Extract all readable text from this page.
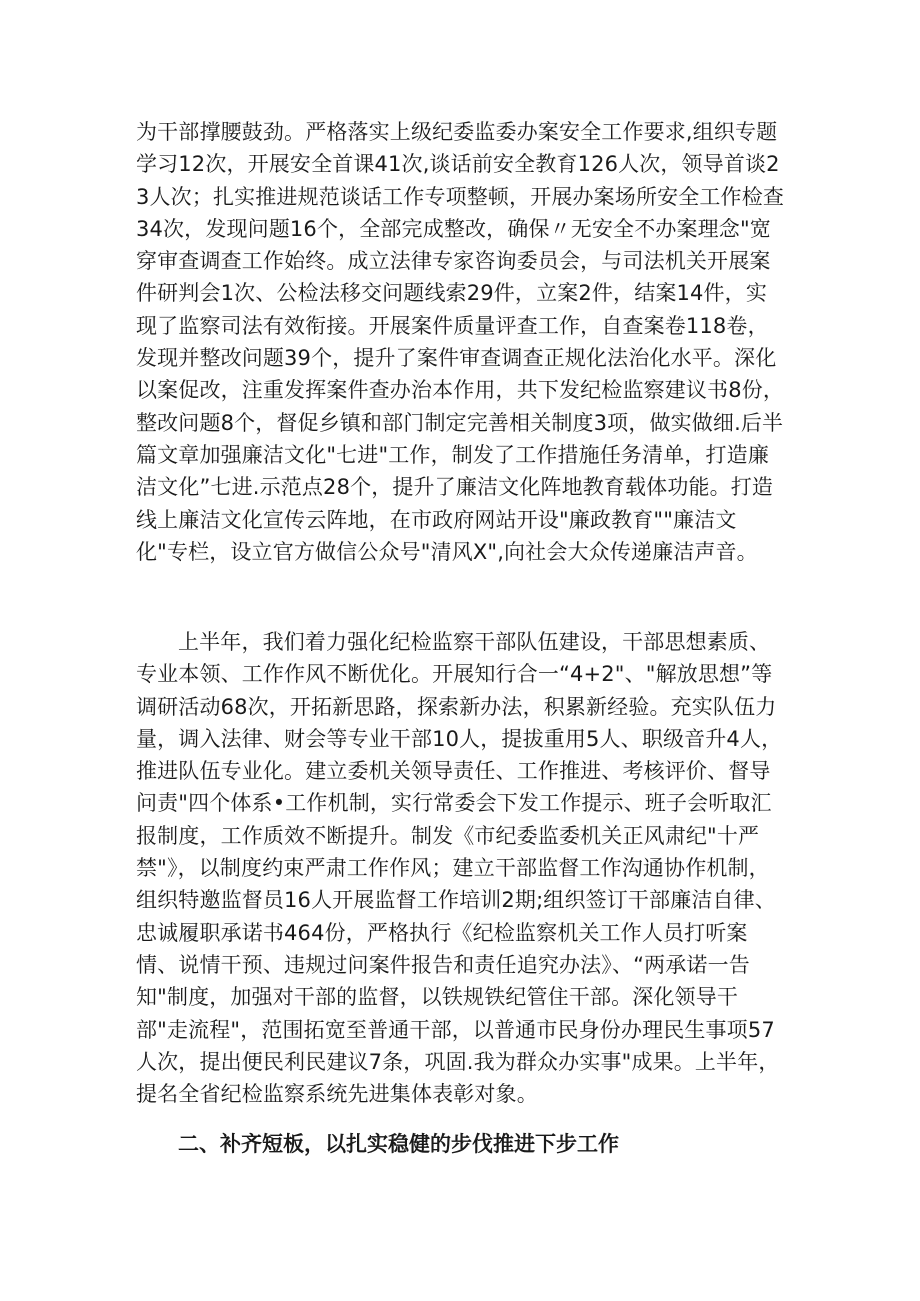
为干部撑腰鼓劲。严格落实上级纪委监委办案安全工作要求,组织专题学习12次，开展安全首课41次,谈话前安全教育126人次，领导首谈23人次；扎实推进规范谈话工作专项整顿，开展办案场所安全工作检查34次，发现问题16个，全部完成整改，确保〃无安全不办案理念"宽穿审查调查工作始终。成立法律专家咨询委员会，与司法机关开展案件研判会1次、公检法移交问题线索29件，立案2件，结案14件，实现了监察司法有效衔接。开展案件质量评查工作，自查案卷118卷，发现并整改问题39个，提升了案件审查调查正规化法治化水平。深化以案促改，注重发挥案件查办治本作用，共下发纪检监察建议书8份，整改问题8个，督促乡镇和部门制定完善相关制度3项，做实做细.后半篇文章加强廉洁文化"七进"工作，制发了工作措施任务清单，打造廉洁文化”七进.示范点28个，提升了廉洁文化阵地教育载体功能。打造线上廉洁文化宣传云阵地，在市政府网站开设"廉政教育""廉洁文化"专栏，设立官方做信公众号"清风X",向社会大众传递廉洁声音。

上半年，我们着力强化纪检监察干部队伍建设，干部思想素质、专业本领、工作作风不断优化。开展知行合一“4+2"、"解放思想”等调研活动68次，开拓新思路，探索新办法，积累新经验。充实队伍力量，调入法律、财会等专业干部10人，提拔重用5人、职级音升4人，推进队伍专业化。建立委机关领导责任、工作推进、考核评价、督导问责"四个体系•工作机制，实行常委会下发工作提示、班子会听取汇报制度，工作质效不断提升。制发《市纪委监委机关正风肃纪"十严禁"》，以制度约束严肃工作作风；建立干部监督工作沟通协作机制，组织特邀监督员16人开展监督工作培训2期;组织签订干部廉洁自律、忠诚履职承诺书464份，严格执行《纪检监察机关工作人员打听案情、说情干预、违规过问案件报告和责任追究办法》、“两承诺一告知"制度，加强对干部的监督，以铁规铁纪管住干部。深化领导干部"走流程"，范围拓宽至普通干部，以普通市民身份办理民生事项57人次，提出便民利民建议7条，巩固.我为群众办实事"成果。上半年，提名全省纪检监察系统先进集体表彰对象。

二、补齐短板，以扎实稳健的步伐推进下步工作
